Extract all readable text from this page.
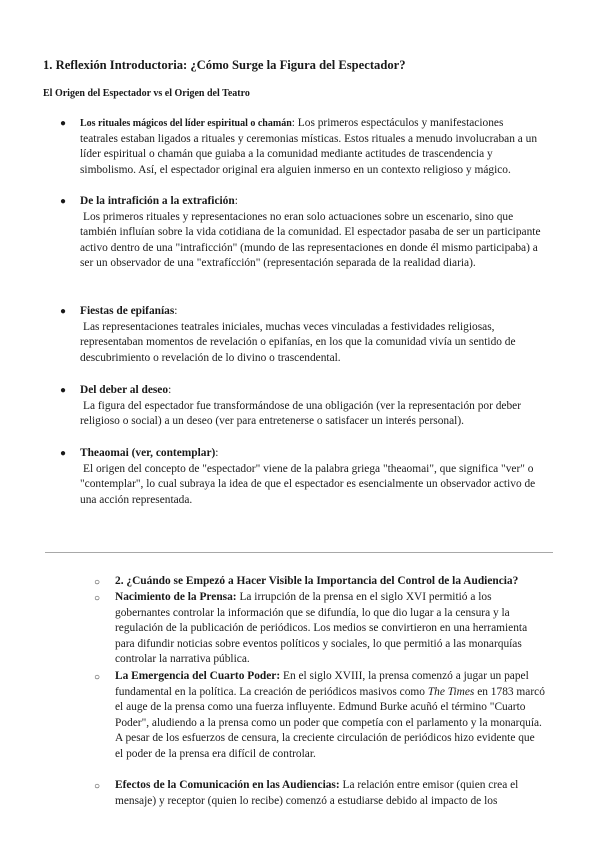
1. Reflexión Introductoria: ¿Cómo Surge la Figura del Espectador?
El Origen del Espectador vs el Origen del Teatro
● Los rituales mágicos del líder espiritual o chamán: Los primeros espectáculos y manifestaciones teatrales estaban ligados a rituales y ceremonias místicas. Estos rituales a menudo involucraban a un líder espiritual o chamán que guiaba a la comunidad mediante actitudes de trascendencia y simbolismo. Así, el espectador original era alguien inmerso en un contexto religioso y mágico.
● De la intrafición a la extrafición:
Los primeros rituales y representaciones no eran solo actuaciones sobre un escenario, sino que también influían sobre la vida cotidiana de la comunidad. El espectador pasaba de ser un participante activo dentro de una "intraficción" (mundo de las representaciones en donde él mismo participaba) a ser un observador de una "extrafícción" (representación separada de la realidad diaria).
● Fiestas de epifanías:
Las representaciones teatrales iniciales, muchas veces vinculadas a festividades religiosas, representaban momentos de revelación o epifanías, en los que la comunidad vivía un sentido de descubrimiento o revelación de lo divino o trascendental.
● Del deber al deseo:
La figura del espectador fue transformándose de una obligación (ver la representación por deber religioso o social) a un deseo (ver para entretenerse o satisfacer un interés personal).
● Theaomai (ver, contemplar):
El origen del concepto de "espectador" viene de la palabra griega "theaomai", que significa "ver" o "contemplar", lo cual subraya la idea de que el espectador es esencialmente un observador activo de una acción representada.
○ 2. ¿Cuándo se Empezó a Hacer Visible la Importancia del Control de la Audiencia?
○ Nacimiento de la Prensa: La irrupción de la prensa en el siglo XVI permitió a los gobernantes controlar la información que se difundía, lo que dio lugar a la censura y la regulación de la publicación de periódicos. Los medios se convirtieron en una herramienta para difundir noticias sobre eventos políticos y sociales, lo que permitió a las monarquías controlar la narrativa pública.
○ La Emergencia del Cuarto Poder: En el siglo XVIII, la prensa comenzó a jugar un papel fundamental en la política. La creación de periódicos masivos como The Times en 1783 marcó el auge de la prensa como una fuerza influyente. Edmund Burke acuñó el término "Cuarto Poder", aludiendo a la prensa como un poder que competía con el parlamento y la monarquía. A pesar de los esfuerzos de censura, la creciente circulación de periódicos hizo evidente que el poder de la prensa era difícil de controlar.
○ Efectos de la Comunicación en las Audiencias: La relación entre emisor (quien crea el mensaje) y receptor (quien lo recibe) comenzó a estudiarse debido al impacto de los
